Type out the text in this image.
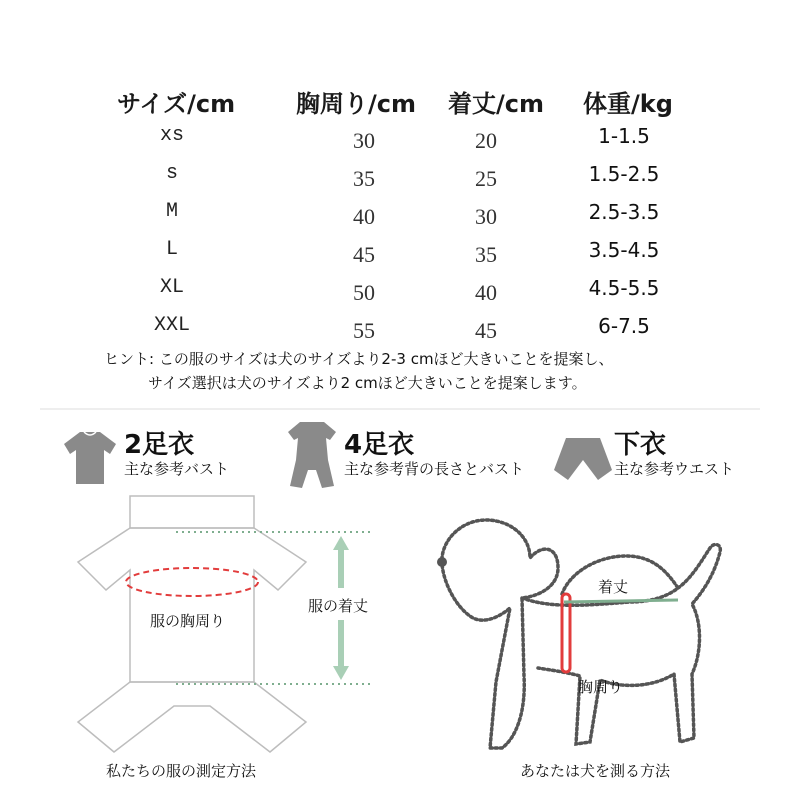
サイズ/cm	胸周り/cm 着丈/cm 体重/kg
xs	30	20	1-1.5
s	35	25	1.5-2.5
M	40	30	2.5-3.5
L	45	35	3.5-4.5
XL	50	40	4.5-5.5
XXL	55	45	6-7.5
ヒント: この服のサイズは犬のサイズより2-3 cmほど大きいことを提案し、
サイズ選択は犬のサイズより2 cmほど大きいことを提案します。
2足衣
主な参考バスト
4足衣
主な参考背の長さとバスト
下衣
主な参考ウエスト
服の胸周り
服の着丈
私たちの服の測定方法
着丈
胸周り
あなたは犬を測る方法
